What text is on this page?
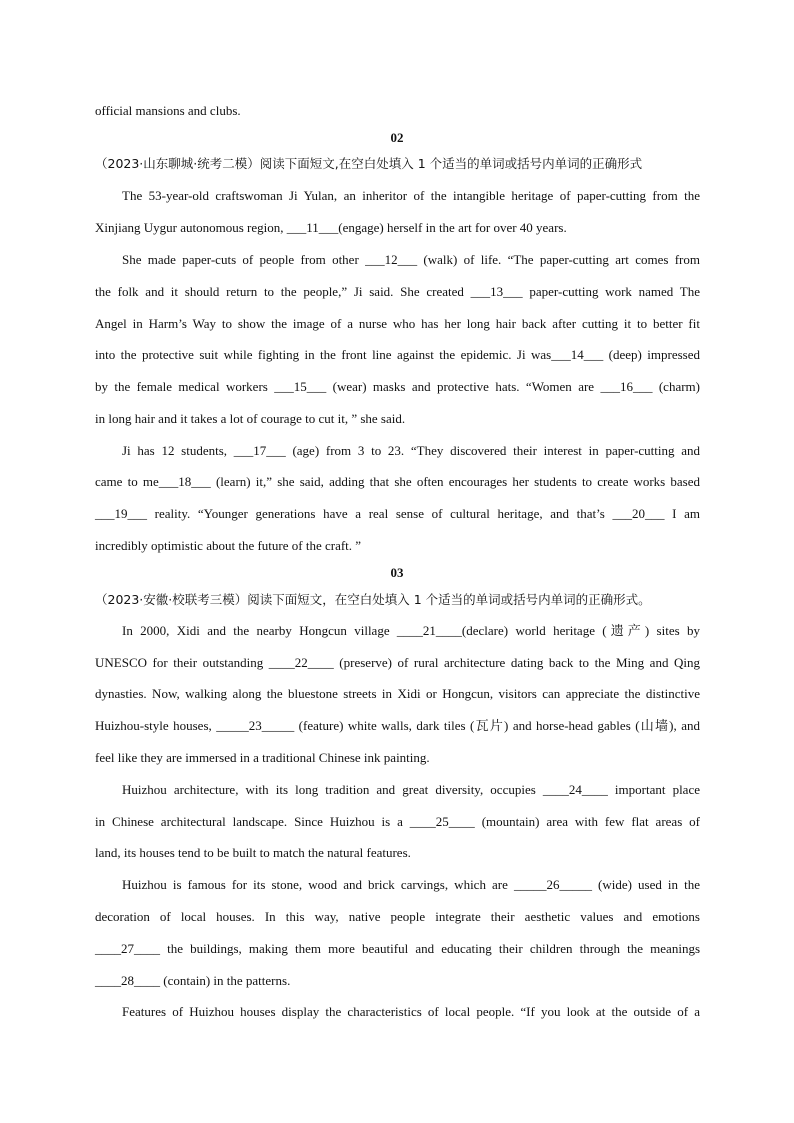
official mansions and clubs.
02
（2023·山东聊城·统考二模）阅读下面短文,在空白处填入 1 个适当的单词或括号内单词的正确形式
The 53-year-old craftswoman Ji Yulan, an inheritor of the intangible heritage of paper-cutting from the
Xinjiang Uygur autonomous region, ___11___(engage) herself in the art for over 40 years.
She made paper-cuts of people from other ___12___ (walk) of life. “The paper-cutting art comes from
the folk and it should return to the people,” Ji said. She created ___13___ paper-cutting work named The
Angel in Harm’s Way to show the image of a nurse who has her long hair back after cutting it to better fit
into the protective suit while fighting in the front line against the epidemic. Ji was___14___ (deep) impressed
by the female medical workers ___15___ (wear) masks and protective hats. “Women are ___16___ (charm)
in long hair and it takes a lot of courage to cut it, ” she said.
Ji has 12 students, ___17___ (age) from 3 to 23. “They discovered their interest in paper-cutting and
came to me___18___ (learn) it,” she said, adding that she often encourages her students to create works based
___19___ reality. “Younger generations have a real sense of cultural heritage, and that’s ___20___ I am
incredibly optimistic about the future of the craft. ”
03
（2023·安徽·校联考三模）阅读下面短文，在空白处填入 1 个适当的单词或括号内单词的正确形式。
In 2000, Xidi and the nearby Hongcun village ____21____(declare) world heritage (遗产) sites by
UNESCO for their outstanding ____22____ (preserve) of rural architecture dating back to the Ming and Qing
dynasties. Now, walking along the bluestone streets in Xidi or Hongcun, visitors can appreciate the distinctive
Huizhou-style houses, _____23_____ (feature) white walls, dark tiles (瓦片) and horse-head gables (山墙), and
feel like they are immersed in a traditional Chinese ink painting.
Huizhou architecture, with its long tradition and great diversity, occupies ____24____ important place
in Chinese architectural landscape. Since Huizhou is a ____25____ (mountain) area with few flat areas of
land, its houses tend to be built to match the natural features.
Huizhou is famous for its stone, wood and brick carvings, which are _____26_____ (wide) used in the
decoration of local houses. In this way, native people integrate their aesthetic values and emotions
____27____ the buildings, making them more beautiful and educating their children through the meanings
____28____ (contain) in the patterns.
Features of Huizhou houses display the characteristics of local people. “If you look at the outside of a
